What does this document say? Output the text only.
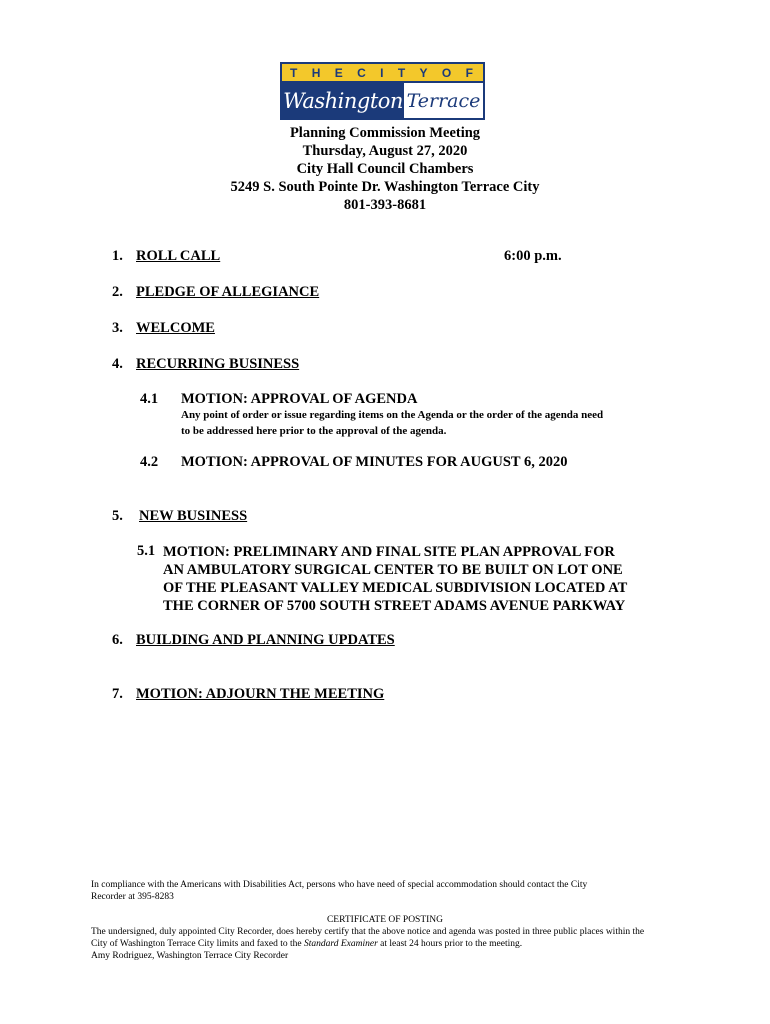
T H E C I T Y O F
Washington Terrace
Planning Commission Meeting
Thursday, August 27, 2020
City Hall Council Chambers
5249 S. South Pointe Dr. Washington Terrace City
801-393-8681
1. ROLL CALL	6:00 p.m.
2. PLEDGE OF ALLEGIANCE
3. WELCOME
4. RECURRING BUSINESS
4.1 MOTION: APPROVAL OF AGENDA
Any point of order or issue regarding items on the Agenda or the order of the agenda need
to be addressed here prior to the approval of the agenda.
4.2 MOTION: APPROVAL OF MINUTES FOR AUGUST 6, 2020
5. NEW BUSINESS
5.1 MOTION: PRELIMINARY AND FINAL SITE PLAN APPROVAL FOR
AN AMBULATORY SURGICAL CENTER TO BE BUILT ON LOT ONE
OF THE PLEASANT VALLEY MEDICAL SUBDIVISION LOCATED AT
THE CORNER OF 5700 SOUTH STREET ADAMS AVENUE PARKWAY
6. BUILDING AND PLANNING UPDATES
7. MOTION: ADJOURN THE MEETING
In compliance with the Americans with Disabilities Act, persons who have need of special accommodation should contact the City
Recorder at 395-8283
CERTIFICATE OF POSTING
The undersigned, duly appointed City Recorder, does hereby certify that the above notice and agenda was posted in three public places within the
City of Washington Terrace City limits and faxed to the Standard Examiner at least 24 hours prior to the meeting.
Amy Rodriguez, Washington Terrace City Recorder
